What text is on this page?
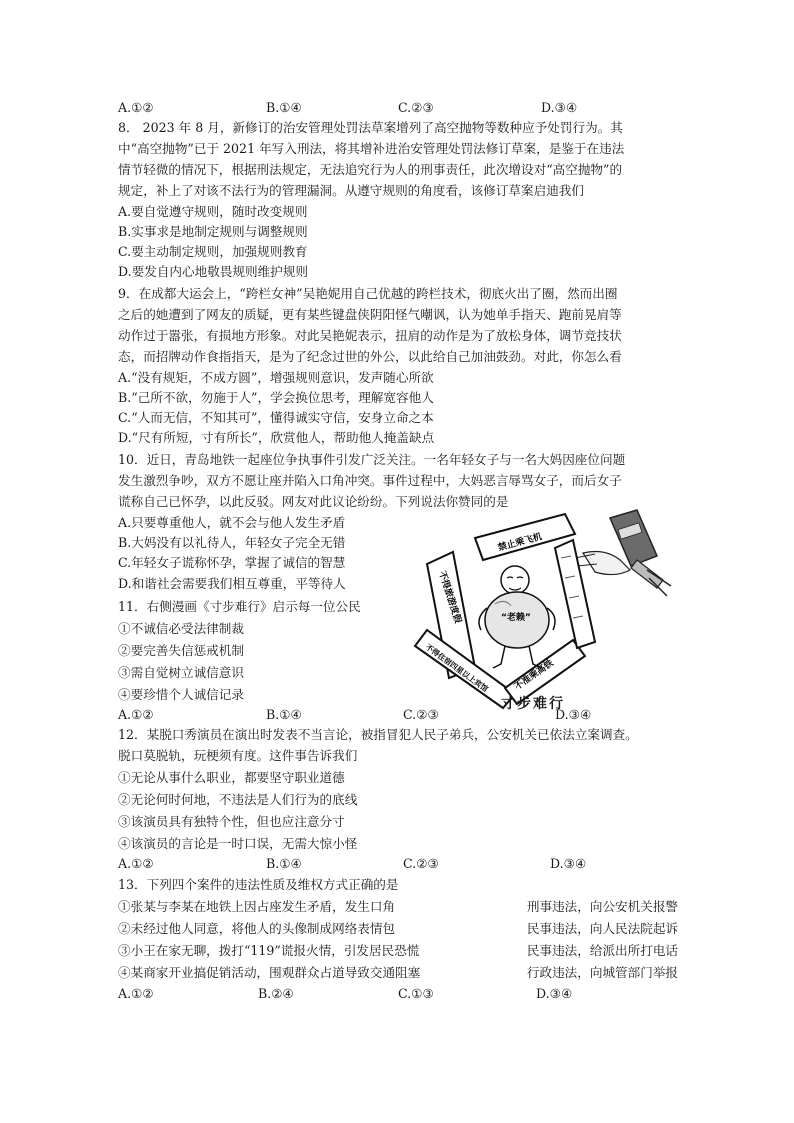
A.①②	B.①④	C.②③	D.③④
8． 2023 年 8 月，新修订的治安管理处罚法草案增列了高空抛物等数种应予处罚行为。其
中“高空抛物”已于 2021 年写入刑法，将其增补进治安管理处罚法修订草案，是鉴于在违法
情节轻微的情况下，根据刑法规定，无法追究行为人的刑事责任，此次增设对“高空抛物”的
规定，补上了对该不法行为的管理漏洞。从遵守规则的角度看，该修订草案启迪我们
A.要自觉遵守规则，随时改变规则
B.实事求是地制定规则与调整规则
C.要主动制定规则，加强规则教育
D.要发自内心地敬畏规则维护规则
9．在成都大运会上，“跨栏女神”吴艳妮用自己优越的跨栏技术，彻底火出了圈，然而出圈
之后的她遭到了网友的质疑，更有某些键盘侠阴阳怪气嘲讽，认为她单手指天、跑前晃肩等
动作过于嚣张，有损地方形象。对此吴艳妮表示，扭肩的动作是为了放松身体，调节竞技状
态，而招牌动作食指指天，是为了纪念过世的外公，以此给自己加油鼓劲。对此，你怎么看
A.“没有规矩，不成方圆”，增强规则意识，发声随心所欲
B.“己所不欲，勿施于人”，学会换位思考，理解宽容他人
C.“人而无信，不知其可”，懂得诚实守信，安身立命之本
D.“尺有所短，寸有所长”，欣赏他人，帮助他人掩盖缺点
10．近日，青岛地铁一起座位争执事件引发广泛关注。一名年轻女子与一名大妈因座位问题
发生激烈争吵，双方不愿让座并陷入口角冲突。事件过程中，大妈恶言辱骂女子，而后女子
谎称自己已怀孕，以此反驳。网友对此议论纷纷。下列说法你赞同的是
A.只要尊重他人，就不会与他人发生矛盾
B.大妈没有以礼待人，年轻女子完全无错
C.年轻女子谎称怀孕，掌握了诚信的智慧
D.和谐社会需要我们相互尊重，平等待人
11．右侧漫画《寸步难行》启示每一位公民
①不诚信必受法律制裁
②要完善失信惩戒机制
③需自觉树立诚信意识
④要珍惜个人诚信记录
A.①②	B.①④	C.②③	D.③④
禁止乘飞机
不得旅游度假
不得住宿四星以上宾馆	不准乘高铁
“老赖”
寸步难行
12．某脱口秀演员在演出时发表不当言论，被指冒犯人民子弟兵，公安机关已依法立案调查。
脱口莫脱轨，玩梗须有度。这件事告诉我们
①无论从事什么职业，都要坚守职业道德
②无论何时何地，不违法是人们行为的底线
③该演员具有独特个性，但也应注意分寸
④该演员的言论是一时口误，无需大惊小怪
A.①②	B.①④	C.②③	D.③④
13．下列四个案件的违法性质及维权方式正确的是
①张某与李某在地铁上因占座发生矛盾，发生口角	刑事违法，向公安机关报警
②未经过他人同意，将他人的头像制成网络表情包	民事违法，向人民法院起诉
③小王在家无聊，拨打“119”谎报火情，引发居民恐慌	民事违法，给派出所打电话
④某商家开业搞促销活动，围观群众占道导致交通阻塞	行政违法，向城管部门举报
A.①②	B.②④	C.①③	D.③④
